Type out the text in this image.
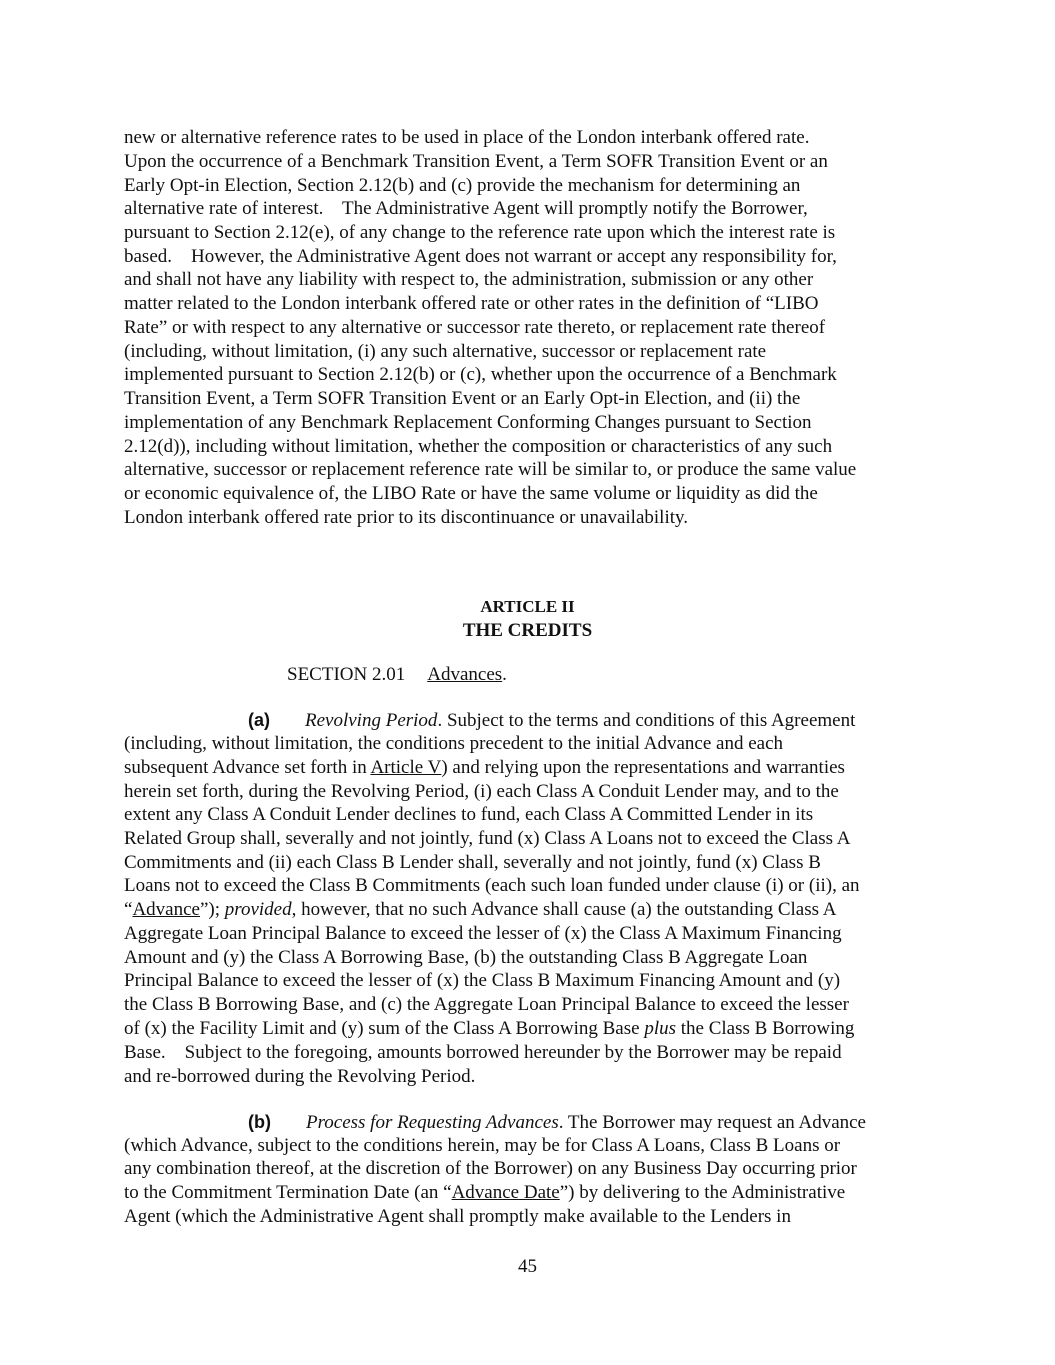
new or alternative reference rates to be used in place of the London interbank offered rate.
Upon the occurrence of a Benchmark Transition Event, a Term SOFR Transition Event or an
Early Opt-in Election, Section 2.12(b) and (c) provide the mechanism for determining an
alternative rate of interest.    The Administrative Agent will promptly notify the Borrower,
pursuant to Section 2.12(e), of any change to the reference rate upon which the interest rate is
based.    However, the Administrative Agent does not warrant or accept any responsibility for,
and shall not have any liability with respect to, the administration, submission or any other
matter related to the London interbank offered rate or other rates in the definition of “LIBO
Rate” or with respect to any alternative or successor rate thereto, or replacement rate thereof
(including, without limitation, (i) any such alternative, successor or replacement rate
implemented pursuant to Section 2.12(b) or (c), whether upon the occurrence of a Benchmark
Transition Event, a Term SOFR Transition Event or an Early Opt-in Election, and (ii) the
implementation of any Benchmark Replacement Conforming Changes pursuant to Section
2.12(d)), including without limitation, whether the composition or characteristics of any such
alternative, successor or replacement reference rate will be similar to, or produce the same value
or economic equivalence of, the LIBO Rate or have the same volume or liquidity as did the
London interbank offered rate prior to its discontinuance or unavailability.
ARTICLE II
THE CREDITS
SECTION 2.01 Advances.
(a) Revolving Period. Subject to the terms and conditions of this Agreement
(including, without limitation, the conditions precedent to the initial Advance and each
subsequent Advance set forth in Article V) and relying upon the representations and warranties
herein set forth, during the Revolving Period, (i) each Class A Conduit Lender may, and to the
extent any Class A Conduit Lender declines to fund, each Class A Committed Lender in its
Related Group shall, severally and not jointly, fund (x) Class A Loans not to exceed the Class A
Commitments and (ii) each Class B Lender shall, severally and not jointly, fund (x) Class B
Loans not to exceed the Class B Commitments (each such loan funded under clause (i) or (ii), an
“Advance”); provided, however, that no such Advance shall cause (a) the outstanding Class A
Aggregate Loan Principal Balance to exceed the lesser of (x) the Class A Maximum Financing
Amount and (y) the Class A Borrowing Base, (b) the outstanding Class B Aggregate Loan
Principal Balance to exceed the lesser of (x) the Class B Maximum Financing Amount and (y)
the Class B Borrowing Base, and (c) the Aggregate Loan Principal Balance to exceed the lesser
of (x) the Facility Limit and (y) sum of the Class A Borrowing Base plus the Class B Borrowing
Base.    Subject to the foregoing, amounts borrowed hereunder by the Borrower may be repaid
and re-borrowed during the Revolving Period.
(b) Process for Requesting Advances. The Borrower may request an Advance
(which Advance, subject to the conditions herein, may be for Class A Loans, Class B Loans or
any combination thereof, at the discretion of the Borrower) on any Business Day occurring prior
to the Commitment Termination Date (an “Advance Date”) by delivering to the Administrative
Agent (which the Administrative Agent shall promptly make available to the Lenders in
45
